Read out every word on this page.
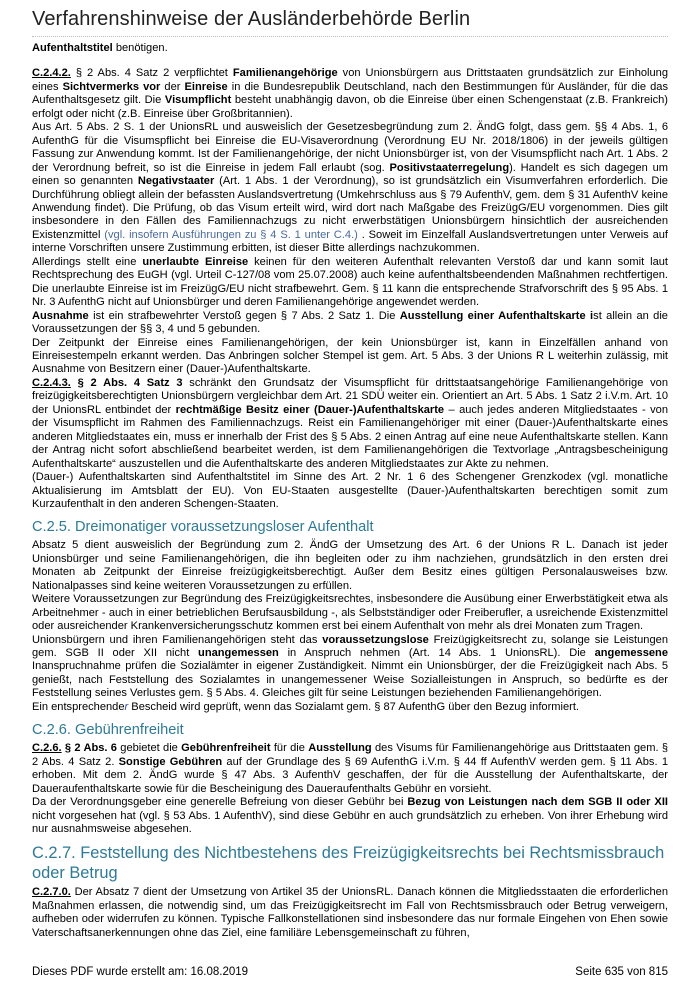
Verfahrenshinweise der Ausländerbehörde Berlin

Aufenthaltstitel benötigen.

C.2.4.2. § 2 Abs. 4 Satz 2 verpflichtet Familienangehörige von Unionsbürgern aus Drittstaaten grundsätzlich zur Einholung eines Sichtvermerks vor der Einreise in die Bundesrepublik Deutschland, nach den Bestimmungen für Ausländer, für die das Aufenthaltsgesetz gilt. Die Visumpflicht besteht unabhängig davon, ob die Einreise über einen Schengenstaat (z.B. Frankreich) erfolgt oder nicht (z.B. Einreise über Großbritannien).

Aus Art. 5 Abs. 2 S. 1 der UnionsRL und ausweislich der Gesetzesbegründung zum 2. ÄndG folgt, dass gem. §§ 4 Abs. 1, 6 AufenthG für die Visumspflicht bei Einreise die EU-Visaverordnung (Verordnung EU Nr. 2018/1806) in der jeweils gültigen Fassung zur Anwendung kommt. Ist der Familienangehörige, der nicht Unionsbürger ist, von der Visumspflicht nach Art. 1 Abs. 2 der Verordnung befreit, so ist die Einreise in jedem Fall erlaubt (sog. Positivstaaterregelung). Handelt es sich dagegen um einen so genannten Negativstaater (Art. 1 Abs. 1 der Verordnung), so ist grundsätzlich ein Visumverfahren erforderlich. Die Durchführung obliegt allein der befassten Auslandsvertretung (Umkehrschluss aus § 79 AufenthV, gem. dem § 31 AufenthV keine Anwendung findet). Die Prüfung, ob das Visum erteilt wird, wird dort nach Maßgabe des FreizügG/EU vorgenommen. Dies gilt insbesondere in den Fällen des Familiennachzugs zu nicht erwerbstätigen Unionsbürgern hinsichtlich der ausreichenden Existenzmittel (vgl. insofern Ausführungen zu § 4 S. 1 unter C.4.) . Soweit im Einzelfall Auslandsvertretungen unter Verweis auf interne Vorschriften unsere Zustimmung erbitten, ist dieser Bitte allerdings nachzukommen.

Allerdings stellt eine unerlaubte Einreise keinen für den weiteren Aufenthalt relevanten Verstoß dar und kann somit laut Rechtsprechung des EuGH (vgl. Urteil C-127/08 vom 25.07.2008) auch keine aufenthaltsbeendenden Maßnahmen rechtfertigen. Die unerlaubte Einreise ist im FreizügG/EU nicht strafbewehrt. Gem. § 11 kann die entsprechende Strafvorschrift des § 95 Abs. 1 Nr. 3 AufenthG nicht auf Unionsbürger und deren Familienangehörige angewendet werden.

Ausnahme ist ein strafbewehrter Verstoß gegen § 7 Abs. 2 Satz 1. Die Ausstellung einer Aufenthaltskarte ist allein an die Voraussetzungen der §§ 3, 4 und 5 gebunden.

Der Zeitpunkt der Einreise eines Familienangehörigen, der kein Unionsbürger ist, kann in Einzelfällen anhand von Einreisestempeln erkannt werden. Das Anbringen solcher Stempel ist gem. Art. 5 Abs. 3 der Unions R L weiterhin zulässig, mit Ausnahme von Besitzern einer (Dauer-)Aufenthaltskarte.

C.2.4.3. § 2 Abs. 4 Satz 3 schränkt den Grundsatz der Visumspflicht für drittstaatsangehörige Familienangehörige von freizügigkeitsberechtigten Unionsbürgern vergleichbar dem Art. 21 SDÜ weiter ein. Orientiert an Art. 5 Abs. 1 Satz 2 i.V.m. Art. 10 der UnionsRL entbindet der rechtmäßige Besitz einer (Dauer-)Aufenthaltskarte – auch jedes anderen Mitgliedstaates - von der Visumspflicht im Rahmen des Familiennachzugs. Reist ein Familienangehöriger mit einer (Dauer-)Aufenthaltskarte eines anderen Mitgliedstaates ein, muss er innerhalb der Frist des § 5 Abs. 2 einen Antrag auf eine neue Aufenthaltskarte stellen. Kann der Antrag nicht sofort abschließend bearbeitet werden, ist dem Familienangehörigen die Textvorlage „Antragsbescheinigung Aufenthaltskarte“ auszustellen und die Aufenthaltskarte des anderen Mitgliedstaates zur Akte zu nehmen.

(Dauer-) Aufenthaltskarten sind Aufenthaltstitel im Sinne des Art. 2 Nr. 1 6 des Schengener Grenzkodex (vgl. monatliche Aktualisierung im Amtsblatt der EU). Von EU-Staaten ausgestellte (Dauer-)Aufenthaltskarten berechtigen somit zum Kurzaufenthalt in den anderen Schengen-Staaten.

C.2.5. Dreimonatiger voraussetzungsloser Aufenthalt

Absatz 5 dient ausweislich der Begründung zum 2. ÄndG der Umsetzung des Art. 6 der Unions R L. Danach ist jeder Unionsbürger und seine Familienangehörigen, die ihn begleiten oder zu ihm nachziehen, grundsätzlich in den ersten drei Monaten ab Zeitpunkt der Einreise freizügigkeitsberechtigt. Außer dem Besitz eines gültigen Personalausweises bzw. Nationalpasses sind keine weiteren Voraussetzungen zu erfüllen.

Weitere Voraussetzungen zur Begründung des Freizügigkeitsrechtes, insbesondere die Ausübung einer Erwerbstätigkeit etwa als Arbeitnehmer - auch in einer betrieblichen Berufsausbildung -, als Selbstständiger oder Freiberufler, a usreichende Existenzmittel oder ausreichender Krankenversicherungsschutz kommen erst bei einem Aufenthalt von mehr als drei Monaten zum Tragen.

Unionsbürgern und ihren Familienangehörigen steht das voraussetzungslose Freizügigkeitsrecht zu, solange sie Leistungen gem. SGB II oder XII nicht unangemessen in Anspruch nehmen (Art. 14 Abs. 1 UnionsRL). Die angemessene Inanspruchnahme prüfen die Sozialämter in eigener Zuständigkeit. Nimmt ein Unionsbürger, der die Freizügigkeit nach Abs. 5 genießt, nach Feststellung des Sozialamtes in unangemessener Weise Sozialleistungen in Anspruch, so bedürfte es der Feststellung seines Verlustes gem. § 5 Abs. 4. Gleiches gilt für seine Leistungen beziehenden Familienangehörigen.

Ein entsprechender Bescheid wird geprüft, wenn das Sozialamt gem. § 87 AufenthG über den Bezug informiert.

C.2.6. Gebührenfreiheit

C.2.6. § 2 Abs. 6 gebietet die Gebührenfreiheit für die Ausstellung des Visums für Familienangehörige aus Drittstaaten gem. § 2 Abs. 4 Satz 2. Sonstige Gebühren auf der Grundlage des § 69 AufenthG i.V.m. § 44 ff AufenthV werden gem. § 11 Abs. 1 erhoben. Mit dem 2. ÄndG wurde § 47 Abs. 3 AufenthV geschaffen, der für die Ausstellung der Aufenthaltskarte, der Daueraufenthaltskarte sowie für die Bescheinigung des Daueraufenthalts Gebühr en vorsieht.

Da der Verordnungsgeber eine generelle Befreiung von dieser Gebühr bei Bezug von Leistungen nach dem SGB II oder XII nicht vorgesehen hat (vgl. § 53 Abs. 1 AufenthV), sind diese Gebühr en auch grundsätzlich zu erheben. Von ihrer Erhebung wird nur ausnahmsweise abgesehen.

C.2.7. Feststellung des Nichtbestehens des Freizügigkeitsrechts bei Rechtsmissbrauch oder Betrug

C.2.7.0. Der Absatz 7 dient der Umsetzung von Artikel 35 der UnionsRL. Danach können die Mitgliedsstaaten die erforderlichen Maßnahmen erlassen, die notwendig sind, um das Freizügigkeitsrecht im Fall von Rechtsmissbrauch oder Betrug verweigern, aufheben oder widerrufen zu können. Typische Fallkonstellationen sind insbesondere das nur formale Eingehen von Ehen sowie Vaterschaftsanerkennungen ohne das Ziel, eine familiäre Lebensgemeinschaft zu führen,

Dieses PDF wurde erstellt am: 16.08.2019	Seite 635 von 815
